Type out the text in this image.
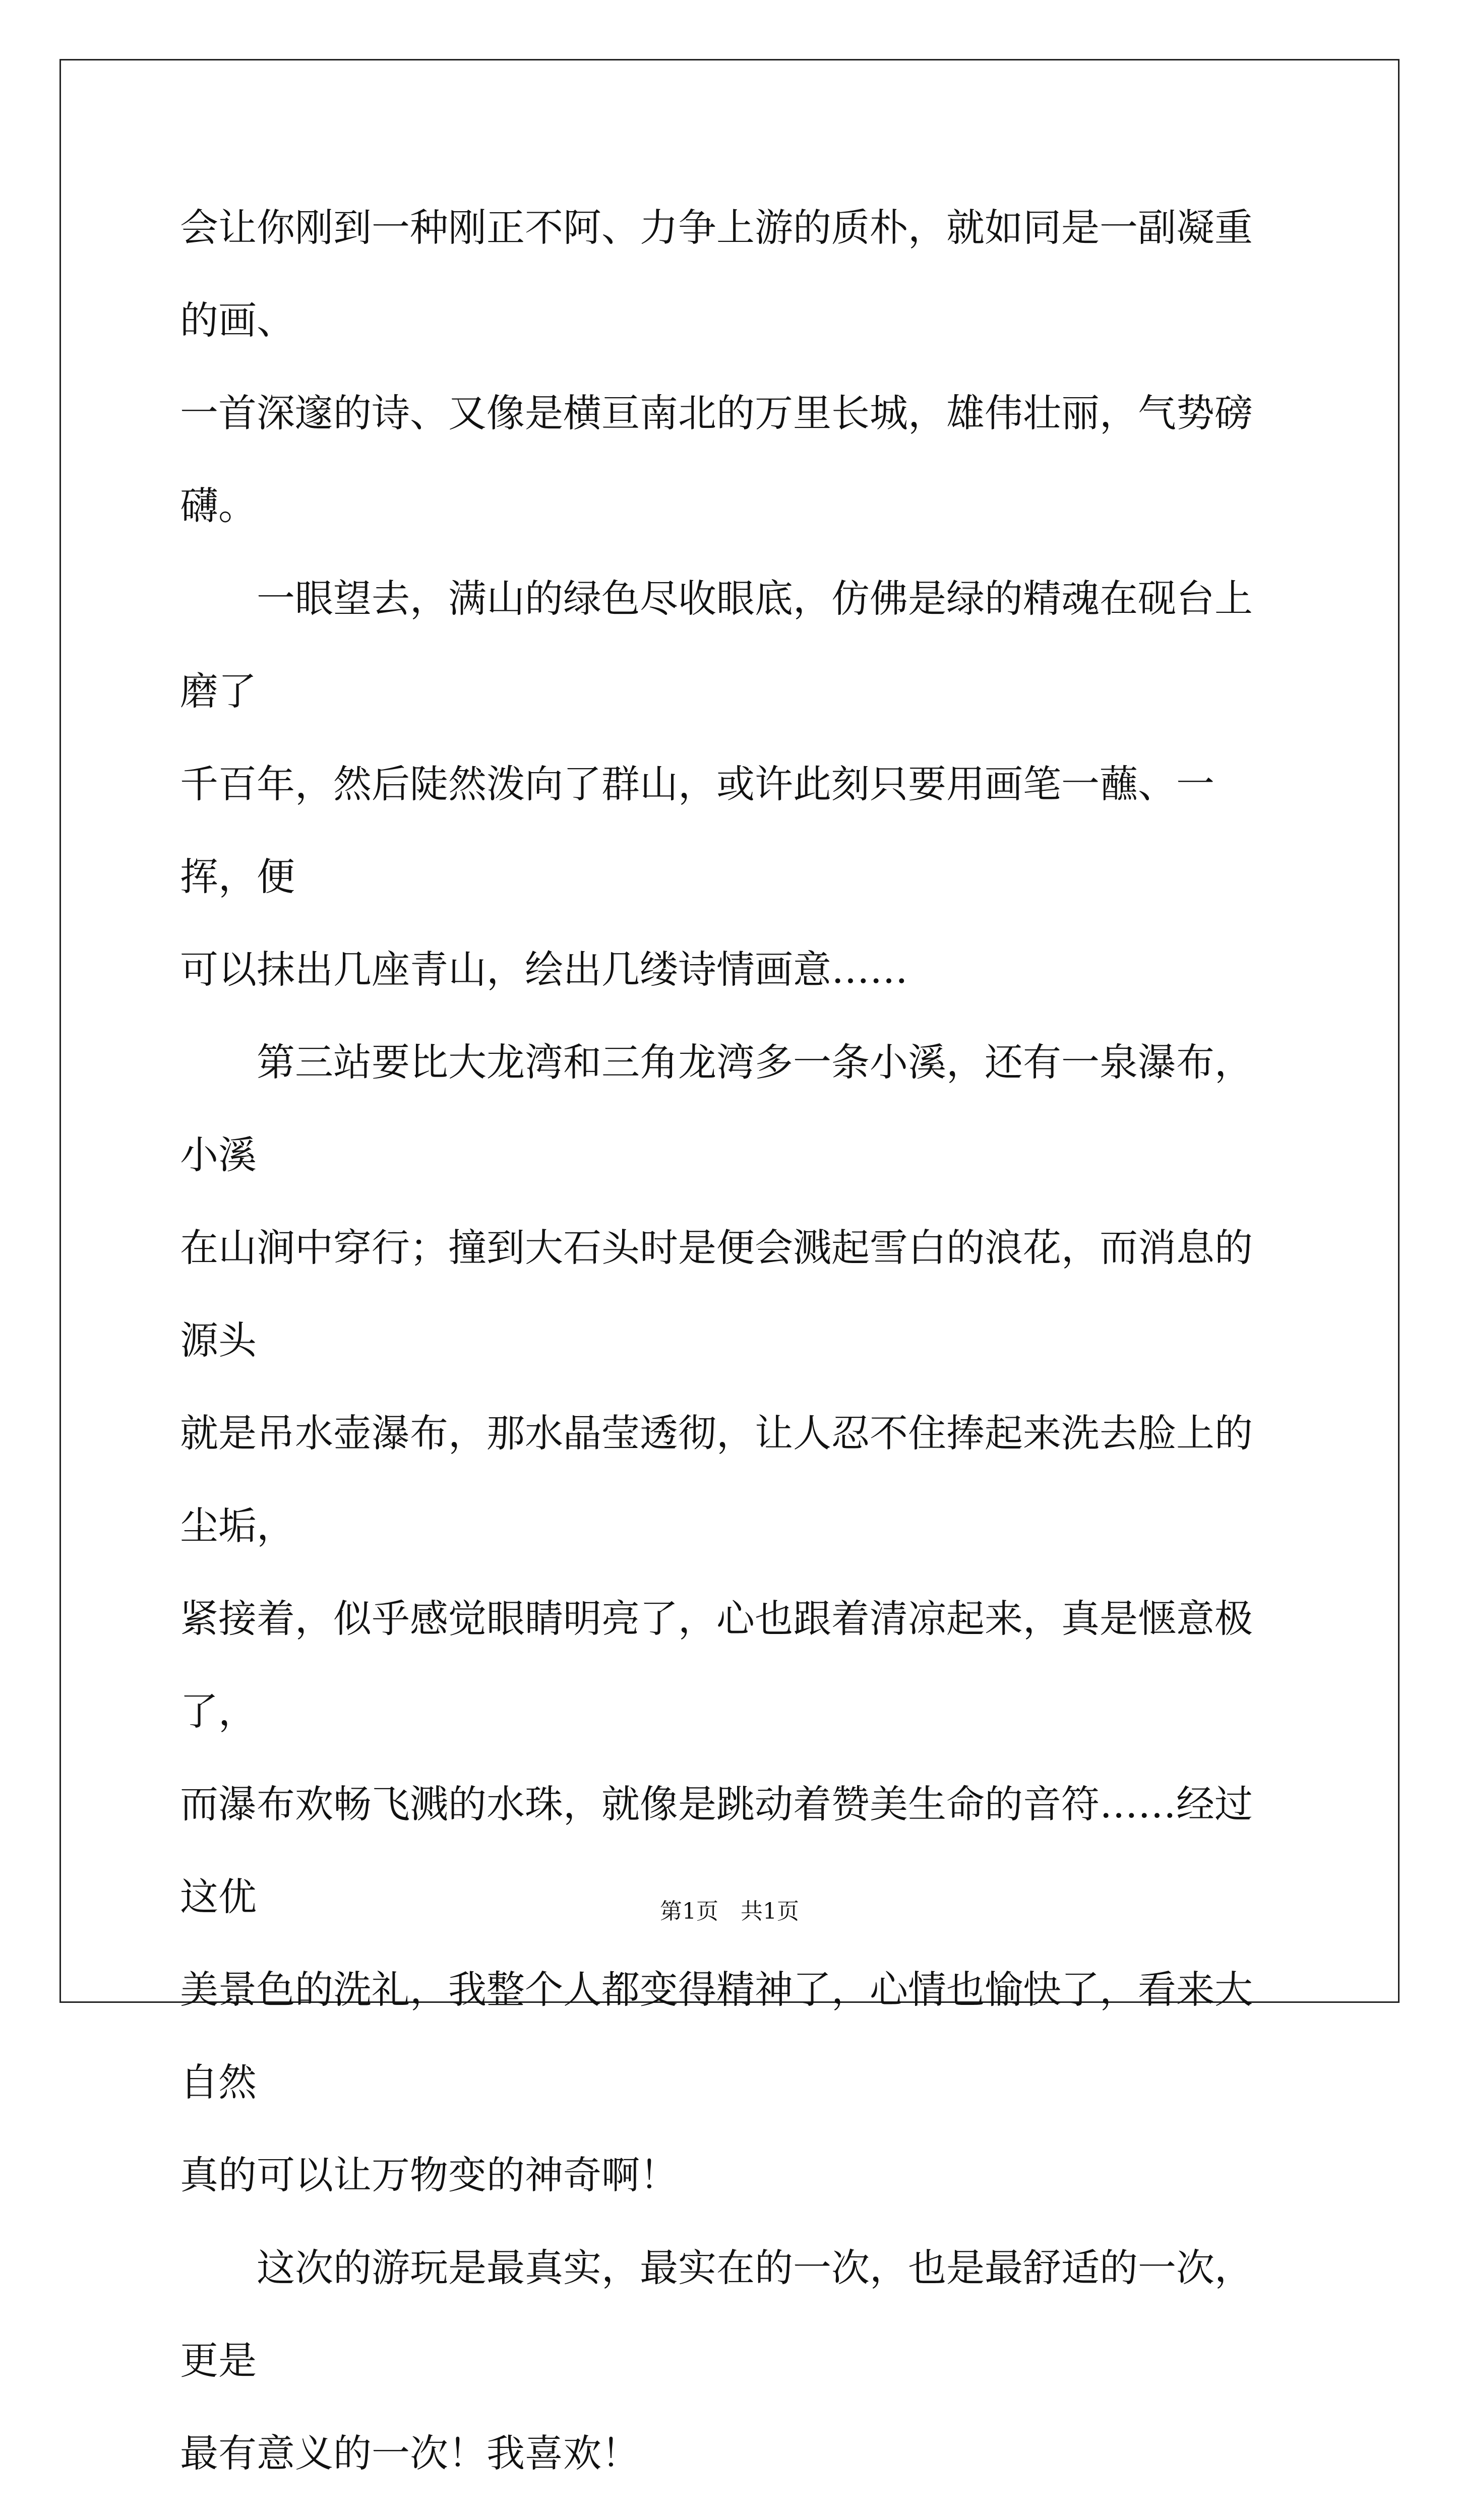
会让你刚到一种刚正不阿、力争上游的质朴，就如同是一副凝重的画、
一首深邃的诗、又像是横亘南北的万里长城，雄伟壮丽，气势磅礴。

一眼望去，满山的绿色尽收眼底，仿佛是绿的精魂在砚台上磨了
千百年，然后陡然泼向了群山，或许此刻只要用画笔一蘸、一挥，便
可以抹出几座青山，绘出几缕诗情画意……

第三站要比大龙湾和三角龙湾多一条小溪，还有一泉瀑布，小溪
在山涧中穿行；撞到大石头时是便会溅起雪白的浪花，而消息的源头
就是吊水壶瀑布，那水晶莹透彻，让人忍不住捧起来洗去脸上的尘垢，
紧接着，似乎感觉眼睛明亮了，心也跟着清凉起来，真是惬意极了，
而瀑布欢畅飞溅的水珠，就像是跳动着赞美生命的音符……经过这优
美景色的洗礼，我整个人都变得精神了，心情也愉快了，看来大自然
真的可以让万物变的神奇啊！

这次的游玩是最真实，最实在的一次，也是最舒适的一次，更是
最有意义的一次！我喜欢！

第1页　共1页
